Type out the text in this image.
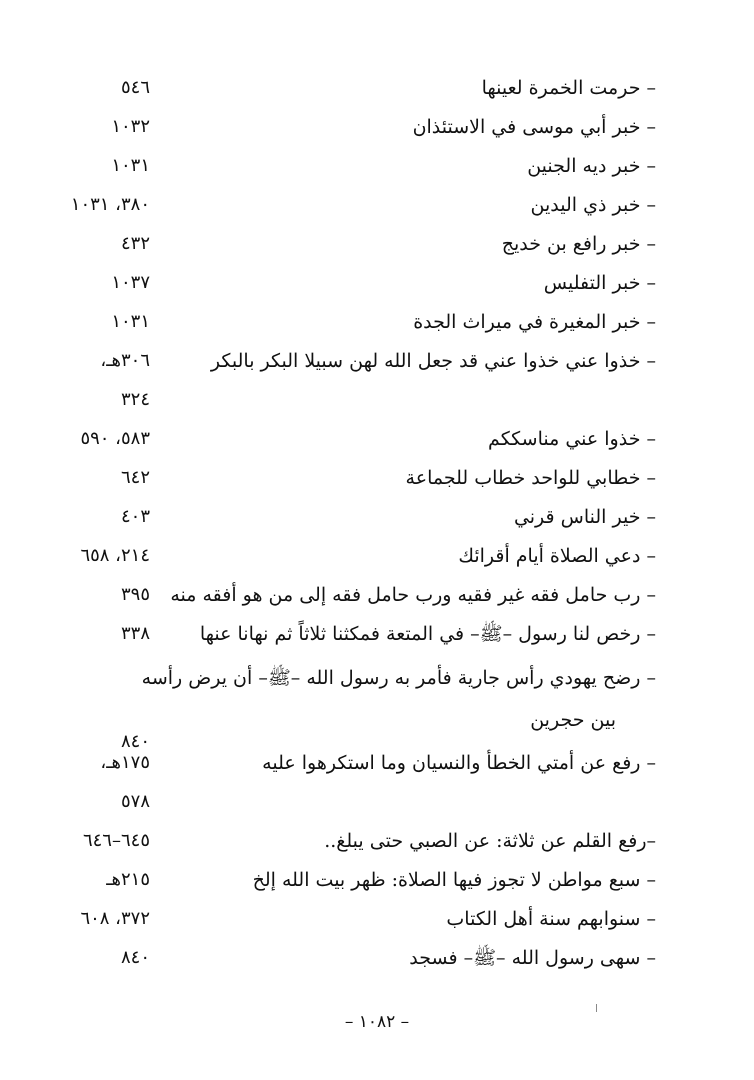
– حرمت الخمرة لعينها
٥٤٦
– خبر أبي موسى في الاستئذان
١٠٣٢
– خبر ديه الجنين
١٠٣١
– خبر ذي اليدين
٣٨٠، ١٠٣١
– خبر رافع بن خديج
٤٣٢
– خبر التفليس
١٠٣٧
– خبر المغيرة في ميراث الجدة
١٠٣١
– خذوا عني خذوا عني قد جعل الله لهن سبيلا البكر بالبكر
٣٠٦هـ،
٣٢٤
– خذوا عني مناسككم
٥٨٣، ٥٩٠
– خطابي للواحد خطاب للجماعة
٦٤٢
– خير الناس قرني
٤٠٣
– دعي الصلاة أيام أقرائك
٢١٤، ٦٥٨
– رب حامل فقه غير فقيه ورب حامل فقه إلى من هو أفقه منه
٣٩٥
– رخص لنا رسول –ﷺ– في المتعة فمكثنا ثلاثاً ثم نهانا عنها
٣٣٨
– رضح يهودي رأس جارية فأمر به رسول الله –ﷺ– أن يرض رأسه
بين حجرين
٨٤٠
– رفع عن أمتي الخطأ والنسيان وما استكرهوا عليه
١٧٥هـ،
٥٧٨
–رفع القلم عن ثلاثة: عن الصبي حتى يبلغ..
٦٤٥–٦٤٦
– سبع مواطن لا تجوز فيها الصلاة: ظهر بيت الله إلخ
٢١٥هـ
– سنوابهم سنة أهل الكتاب
٣٧٢، ٦٠٨
– سهى رسول الله –ﷺ– فسجد
٨٤٠
– ١٠٨٢ –
